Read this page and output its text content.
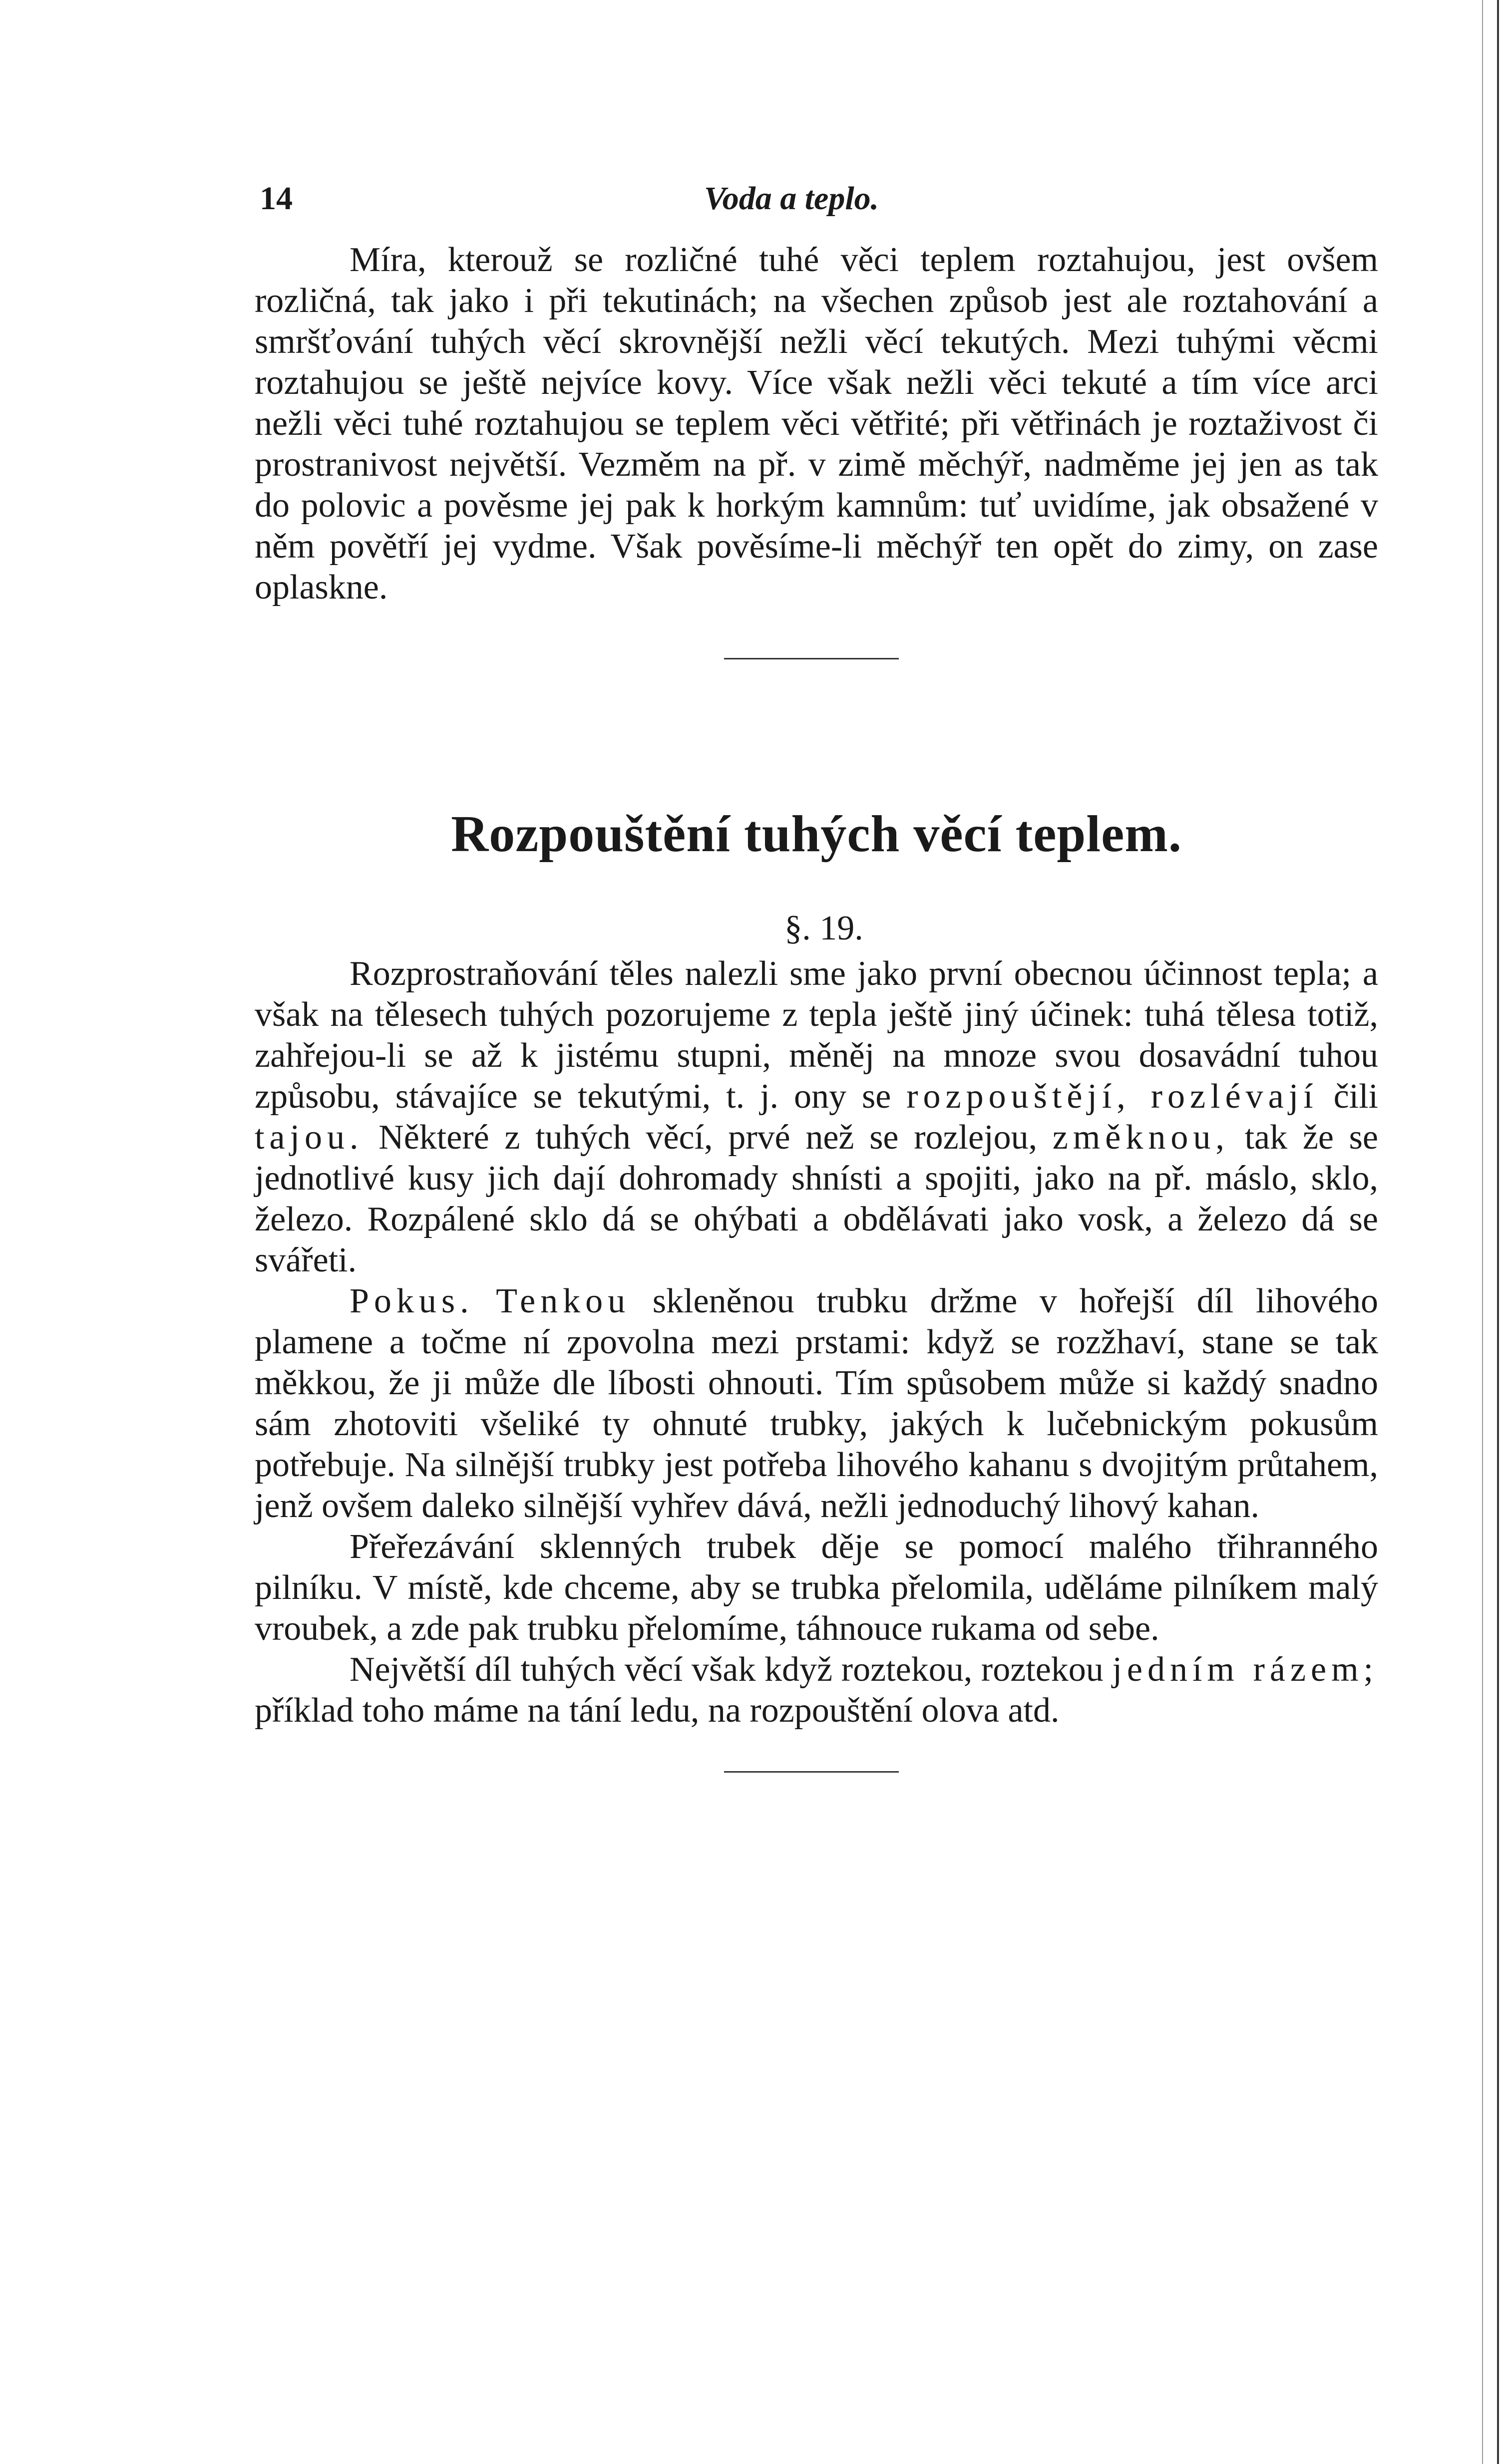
14	Voda a teplo.

Míra, kterouž se rozličné tuhé věci teplem roztahujou, jest ovšem rozličná, tak jako i při tekutinách; na všechen způsob jest ale roztahování a smršťování tuhých věcí skrovnější nežli věcí tekutých. Mezi tuhými věcmi roztahujou se ještě nejvíce kovy. Více však nežli věci tekuté a tím více arci nežli věci tuhé roztahujou se teplem věci větřité; při větřinách je roztaživost či prostranivost největší. Vezměm na př. v zimě měchýř, nadměme jej jen as tak do polovic a pověsme jej pak k horkým kamnům: tuť uvidíme, jak obsažené v něm povětří jej vydme. Však pověsíme-li měchýř ten opět do zimy, on zase oplaskne.

Rozpouštění tuhých věcí teplem.
§. 19.

Rozprostraňování těles nalezli sme jako první obecnou účinnost tepla; a však na tělesech tuhých pozorujeme z tepla ještě jiný účinek: tuhá tělesa totiž, zahřejou-li se až k jistému stupni, měněj na mnoze svou dosavádní tuhou způsobu, stávajíce se tekutými, t. j. ony se rozpouštějí, rozlévají čili tajou. Některé z tuhých věcí, prvé než se rozlejou, změknou, tak že se jednotlivé kusy jich dají dohromady shnísti a spojiti, jako na př. máslo, sklo, železo. Rozpálené sklo dá se ohýbati a obdělávati jako vosk, a železo dá se svářeti.

Pokus. Tenkou skleněnou trubku držme v hořejší díl lihového plamene a točme ní zpovolna mezi prstami: když se rozžhaví, stane se tak měkkou, že ji může dle líbosti ohnouti. Tím spůsobem může si každý snadno sám zhotoviti všeliké ty ohnuté trubky, jakých k lučebnickým pokusům potřebuje. Na silnější trubky jest potřeba lihového kahanu s dvojitým průtahem, jenž ovšem daleko silnější vyhřev dává, nežli jednoduchý lihový kahan.

Přeřezávání sklenných trubek děje se pomocí malého třihranného pilníku. V místě, kde chceme, aby se trubka přelomila, uděláme pilníkem malý vroubek, a zde pak trubku přelomíme, táhnouce rukama od sebe.

Největší díl tuhých věcí však když roztekou, roztekou jedním rázem; příklad toho máme na tání ledu, na rozpouštění olova atd.
